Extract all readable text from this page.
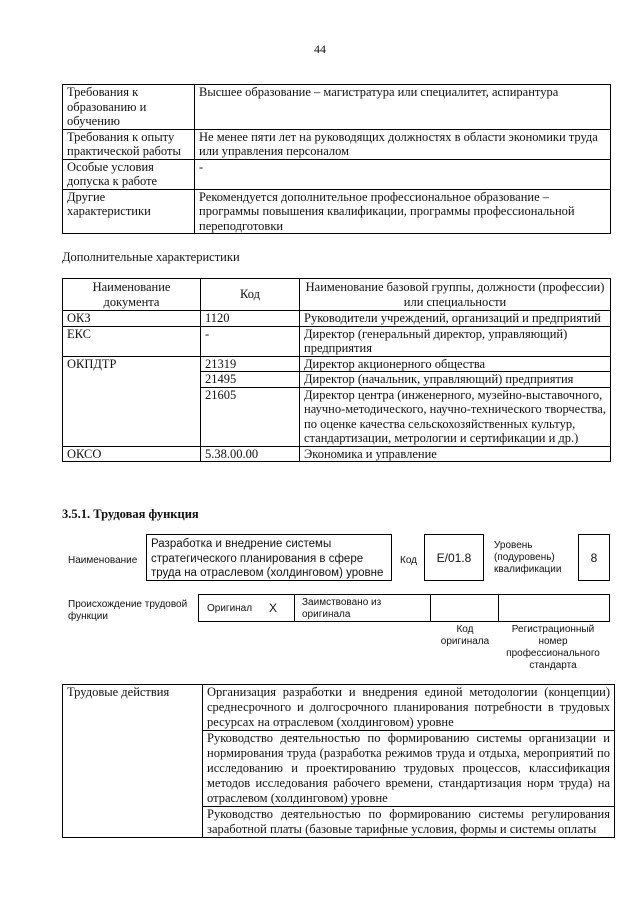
44
Требования к образованию и обучению	Высшее образование – магистратура или специалитет, аспирантура
Требования к опыту практической работы	Не менее пяти лет на руководящих должностях в области экономики труда или управления персоналом
Особые условия допуска к работе	-
Другие характеристики	Рекомендуется дополнительное профессиональное образование – программы повышения квалификации, программы профессиональной переподготовки
Дополнительные характеристики
Наименование документа	Код	Наименование базовой группы, должности (профессии) или специальности
ОКЗ	1120	Руководители учреждений, организаций и предприятий
ЕКС	-	Директор (генеральный директор, управляющий) предприятия
ОКПДТР	21319	Директор акционерного общества
	21495	Директор (начальник, управляющий) предприятия
	21605	Директор центра (инженерного, музейно-выставочного, научно-методического, научно-технического творчества, по оценке качества сельскохозяйственных культур, стандартизации, метрологии и сертификации и др.)
ОКСО	5.38.00.00	Экономика и управление
3.5.1. Трудовая функция
Наименование
Разработка и внедрение системы стратегического планирования в сфере труда на отраслевом (холдинговом) уровне
Код	E/01.8
Уровень (подуровень) квалификации
8
Происхождение трудовой функции
Оригинал X Заимствовано из оригинала
Код оригинала
Регистрационный номер профессионального стандарта
Трудовые действия	Организация разработки и внедрения единой методологии (концепции) среднесрочного и долгосрочного планирования потребности в трудовых ресурсах на отраслевом (холдинговом) уровне
Руководство деятельностью по формированию системы организации и нормирования труда (разработка режимов труда и отдыха, мероприятий по исследованию и проектированию трудовых процессов, классификация методов исследования рабочего времени, стандартизация норм труда) на отраслевом (холдинговом) уровне
Руководство деятельностью по формированию системы регулирования заработной платы (базовые тарифные условия, формы и системы оплаты
